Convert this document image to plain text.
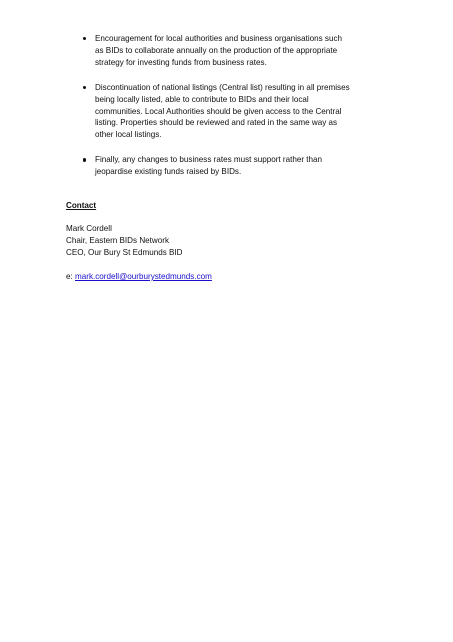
Encouragement for local authorities and business organisations such
as BIDs to collaborate annually on the production of the appropriate
strategy for investing funds from business rates.
Discontinuation of national listings (Central list) resulting in all premises
being locally listed, able to contribute to BIDs and their local
communities. Local Authorities should be given access to the Central
listing. Properties should be reviewed and rated in the same way as
other local listings.
Finally, any changes to business rates must support rather than
jeopardise existing funds raised by BIDs.
Contact
Mark Cordell
Chair, Eastern BIDs Network
CEO, Our Bury St Edmunds BID
e: mark.cordell@ourburystedmunds.com
